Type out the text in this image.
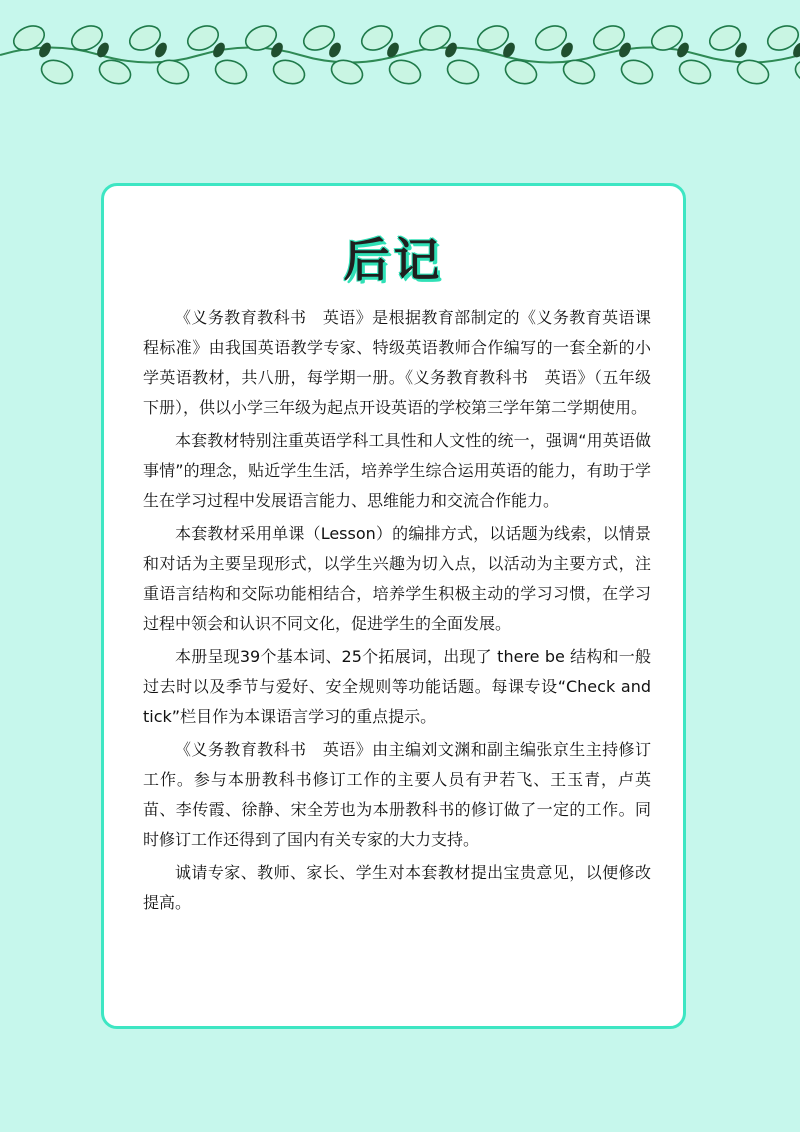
后记

《义务教育教科书　英语》是根据教育部制定的《义务教育英语课程标准》由我国英语教学专家、特级英语教师合作编写的一套全新的小学英语教材，共八册，每学期一册。《义务教育教科书　英语》（五年级下册），供以小学三年级为起点开设英语的学校第三学年第二学期使用。

本套教材特别注重英语学科工具性和人文性的统一，强调“用英语做事情”的理念，贴近学生生活，培养学生综合运用英语的能力，有助于学生在学习过程中发展语言能力、思维能力和交流合作能力。

本套教材采用单课（Lesson）的编排方式，以话题为线索，以情景和对话为主要呈现形式，以学生兴趣为切入点，以活动为主要方式，注重语言结构和交际功能相结合，培养学生积极主动的学习习惯，在学习过程中领会和认识不同文化，促进学生的全面发展。

本册呈现39个基本词、25个拓展词，出现了 there be 结构和一般过去时以及季节与爱好、安全规则等功能话题。每课专设“Check and tick”栏目作为本课语言学习的重点提示。

《义务教育教科书　英语》由主编刘文渊和副主编张京生主持修订工作。参与本册教科书修订工作的主要人员有尹若飞、王玉青，卢英苗、李传霞、徐静、宋全芳也为本册教科书的修订做了一定的工作。同时修订工作还得到了国内有关专家的大力支持。

诚请专家、教师、家长、学生对本套教材提出宝贵意见，以便修改提高。
